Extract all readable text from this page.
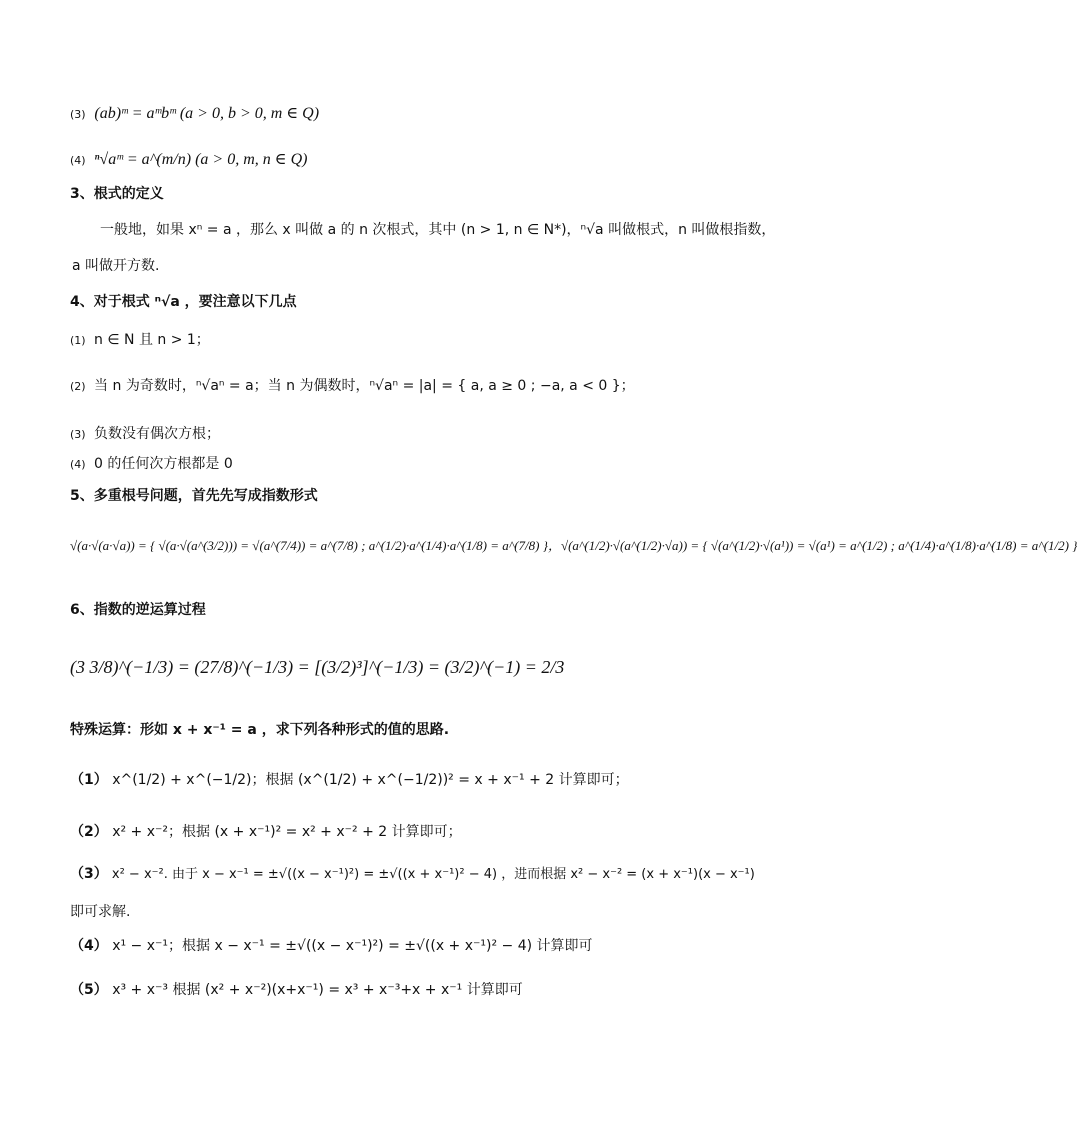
(3) (ab)ᵐ = aᵐbᵐ (a > 0, b > 0, m ∈ Q)
(4) ⁿ√aᵐ = a^(m/n) (a > 0, m, n ∈ Q)
3、根式的定义
一般地，如果 xⁿ = a ，那么 x 叫做 a 的 n 次根式，其中 (n > 1, n ∈ N*)，ⁿ√a 叫做根式，n 叫做根指数，
a 叫做开方数.
4、对于根式 ⁿ√a ，要注意以下几点
(1) n ∈ N 且 n > 1；
(2) 当 n 为奇数时，ⁿ√aⁿ = a；当 n 为偶数时，ⁿ√aⁿ = |a| = { a, a ≥ 0 ; −a, a < 0 }；
(3) 负数没有偶次方根；
(4) 0 的任何次方根都是 0
5、多重根号问题，首先先写成指数形式
√(a·√(a·√a)) = { √(a·√(a^(3/2))) = √(a^(7/4)) = a^(7/8) ; a^(1/2)·a^(1/4)·a^(1/8) = a^(7/8) }，√(a^(1/2)·√(a^(1/2)·√a)) = { √(a^(1/2)·√(a¹)) = √(a¹) = a^(1/2) ; a^(1/4)·a^(1/8)·a^(1/8) = a^(1/2) }
6、指数的逆运算过程
(3 3/8)^(−1/3) = (27/8)^(−1/3) = [(3/2)³]^(−1/3) = (3/2)^(−1) = 2/3
特殊运算：形如 x + x⁻¹ = a ，求下列各种形式的值的思路.
（1） x^(1/2) + x^(−1/2)；根据 (x^(1/2) + x^(−1/2))² = x + x⁻¹ + 2 计算即可；
（2） x² + x⁻²；根据 (x + x⁻¹)² = x² + x⁻² + 2 计算即可；
（3） x² − x⁻². 由于 x − x⁻¹ = ±√((x − x⁻¹)²) = ±√((x + x⁻¹)² − 4) ，进而根据 x² − x⁻² = (x + x⁻¹)(x − x⁻¹)
即可求解.
（4） x¹ − x⁻¹；根据 x − x⁻¹ = ±√((x − x⁻¹)²) = ±√((x + x⁻¹)² − 4) 计算即可
（5） x³ + x⁻³ 根据 (x² + x⁻²)(x+x⁻¹) = x³ + x⁻³+x + x⁻¹ 计算即可
